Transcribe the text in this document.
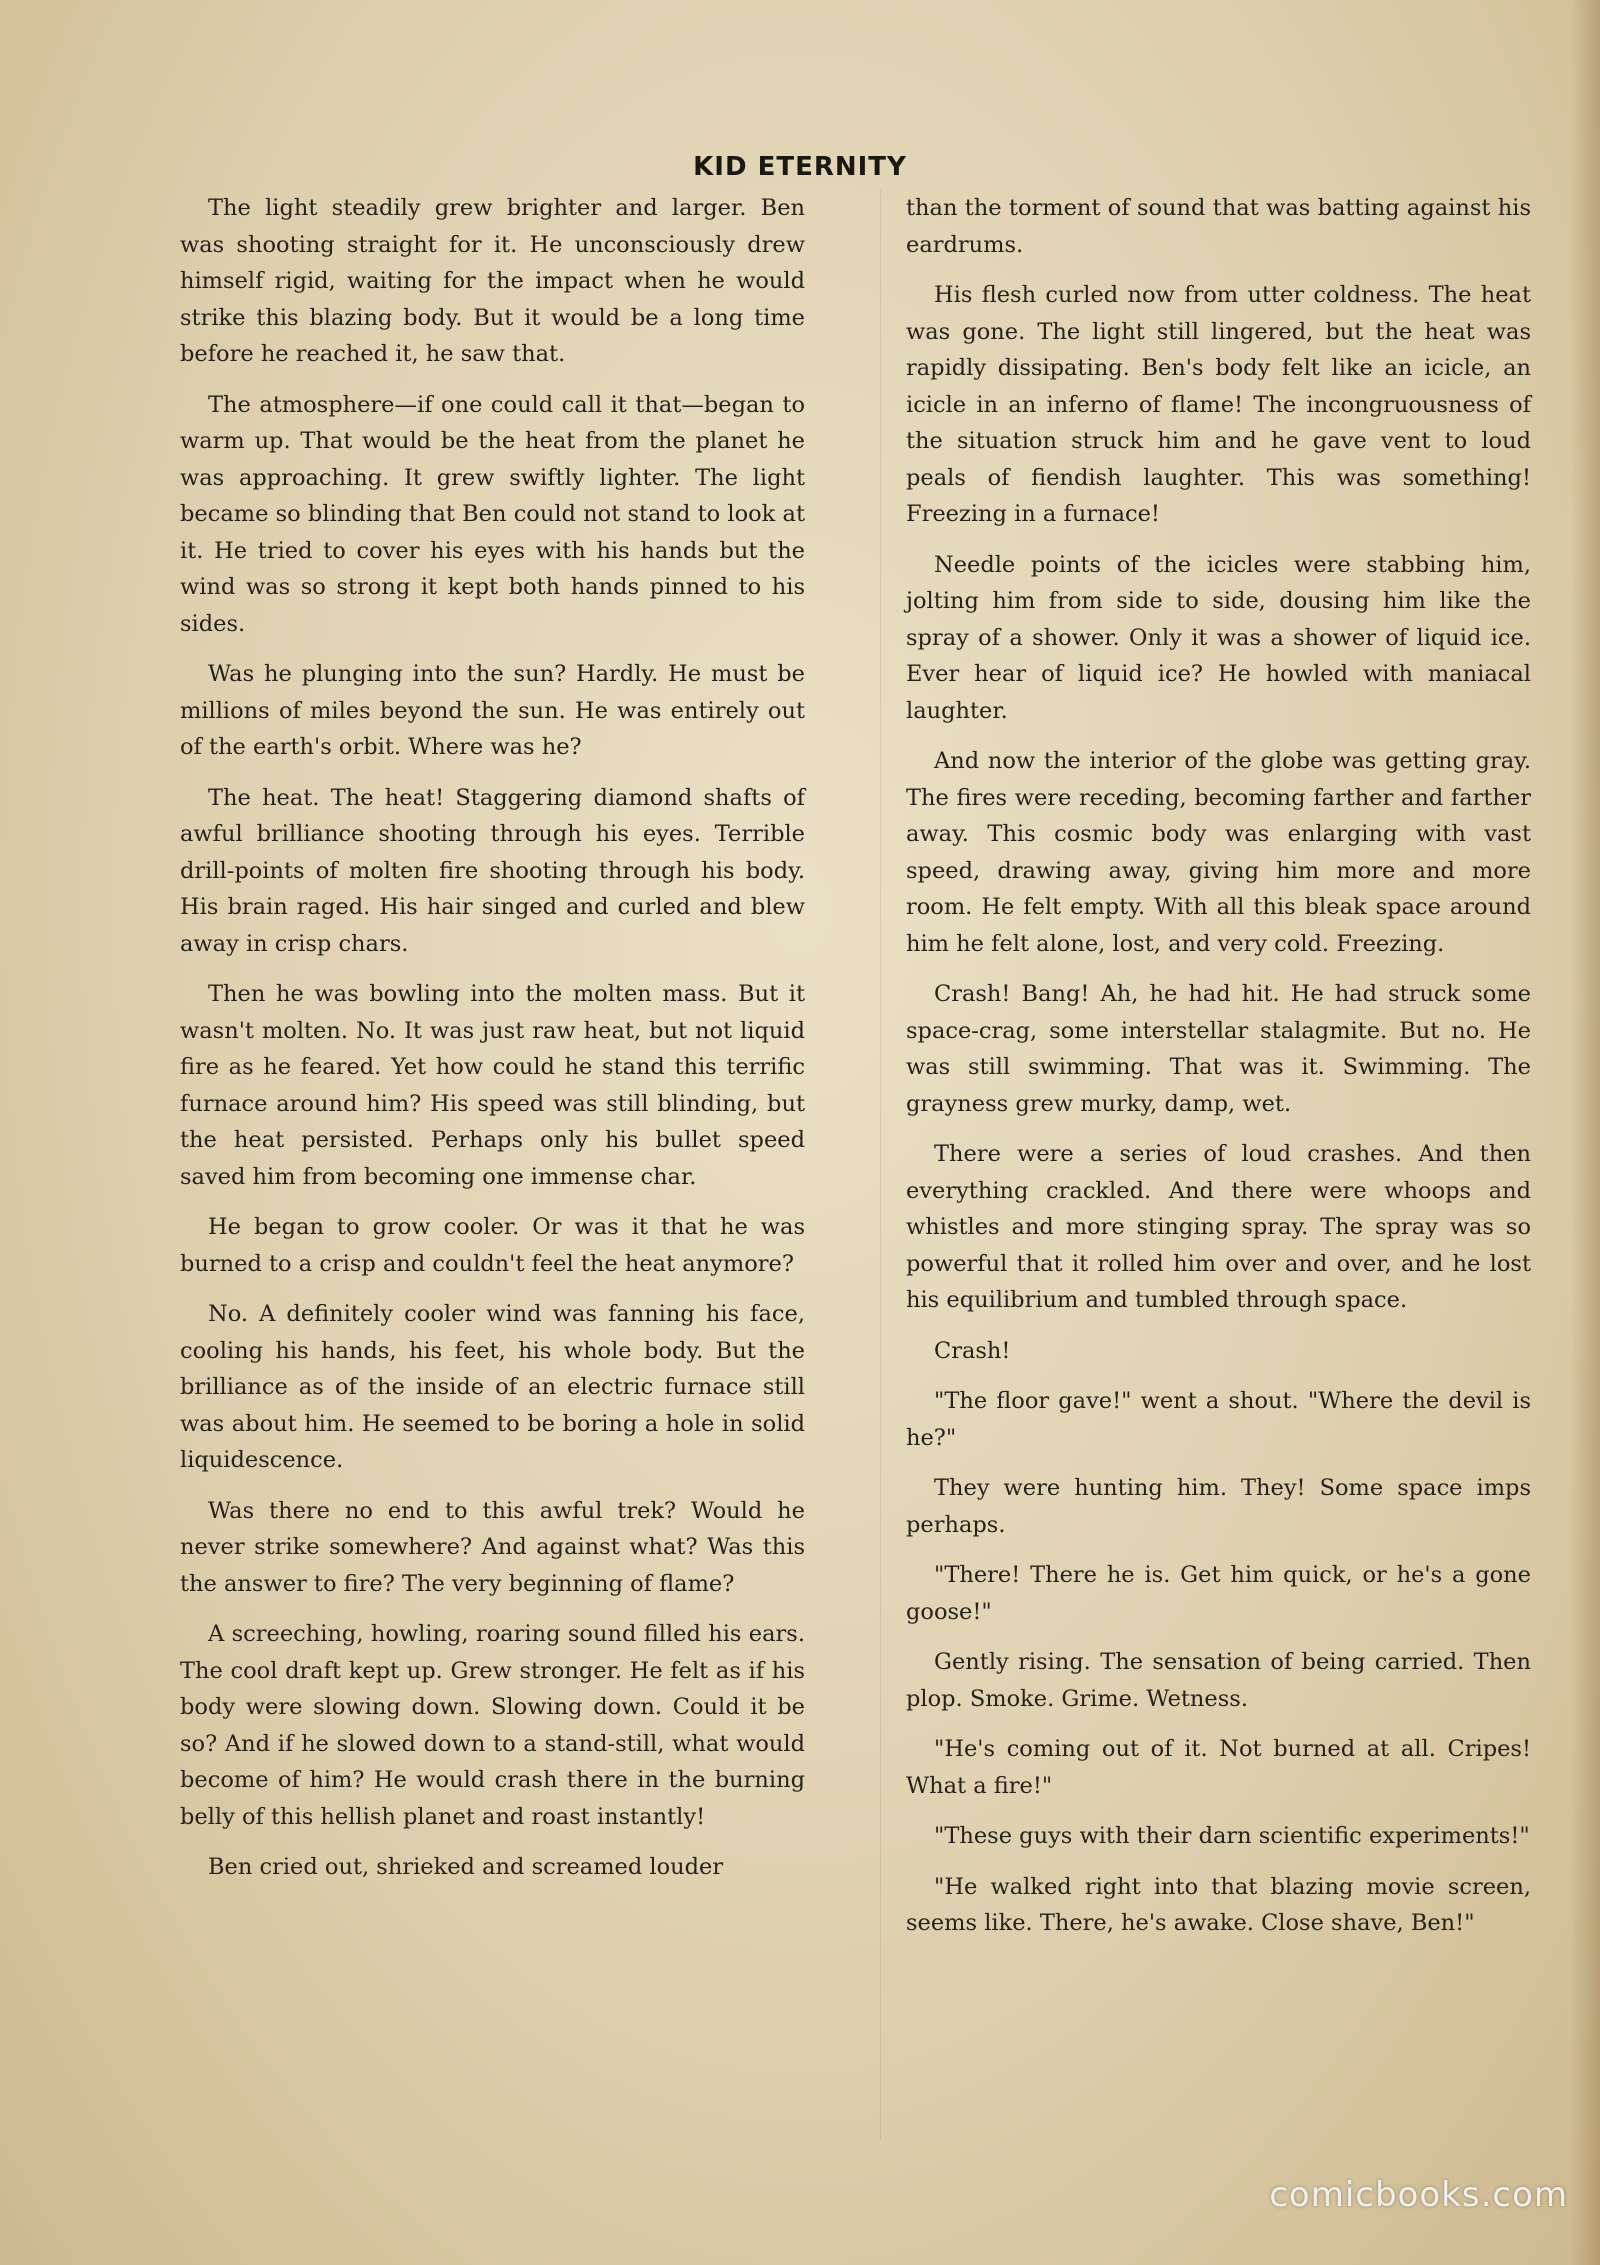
KID ETERNITY

The light steadily grew brighter and larger. Ben was shooting straight for it. He unconsciously drew himself rigid, waiting for the impact when he would strike this blazing body. But it would be a long time before he reached it, he saw that.

The atmosphere—if one could call it that—began to warm up. That would be the heat from the planet he was approaching. It grew swiftly lighter. The light became so blinding that Ben could not stand to look at it. He tried to cover his eyes with his hands but the wind was so strong it kept both hands pinned to his sides.

Was he plunging into the sun? Hardly. He must be millions of miles beyond the sun. He was entirely out of the earth's orbit. Where was he?

The heat. The heat! Staggering diamond shafts of awful brilliance shooting through his eyes. Terrible drill-points of molten fire shooting through his body. His brain raged. His hair singed and curled and blew away in crisp chars.

Then he was bowling into the molten mass. But it wasn't molten. No. It was just raw heat, but not liquid fire as he feared. Yet how could he stand this terrific furnace around him? His speed was still blinding, but the heat persisted. Perhaps only his bullet speed saved him from becoming one immense char.

He began to grow cooler. Or was it that he was burned to a crisp and couldn't feel the heat anymore?

No. A definitely cooler wind was fanning his face, cooling his hands, his feet, his whole body. But the brilliance as of the inside of an electric furnace still was about him. He seemed to be boring a hole in solid liquidescence.

Was there no end to this awful trek? Would he never strike somewhere? And against what? Was this the answer to fire? The very beginning of flame?

A screeching, howling, roaring sound filled his ears. The cool draft kept up. Grew stronger. He felt as if his body were slowing down. Slowing down. Could it be so? And if he slowed down to a stand-still, what would become of him? He would crash there in the burning belly of this hellish planet and roast instantly!

Ben cried out, shrieked and screamed louder

than the torment of sound that was batting against his eardrums.

His flesh curled now from utter coldness. The heat was gone. The light still lingered, but the heat was rapidly dissipating. Ben's body felt like an icicle, an icicle in an inferno of flame! The incongruousness of the situation struck him and he gave vent to loud peals of fiendish laughter. This was something! Freezing in a furnace!

Needle points of the icicles were stabbing him, jolting him from side to side, dousing him like the spray of a shower. Only it was a shower of liquid ice. Ever hear of liquid ice? He howled with maniacal laughter.

And now the interior of the globe was getting gray. The fires were receding, becoming farther and farther away. This cosmic body was enlarging with vast speed, drawing away, giving him more and more room. He felt empty. With all this bleak space around him he felt alone, lost, and very cold. Freezing.

Crash! Bang! Ah, he had hit. He had struck some space-crag, some interstellar stalagmite. But no. He was still swimming. That was it. Swimming. The grayness grew murky, damp, wet.

There were a series of loud crashes. And then everything crackled. And there were whoops and whistles and more stinging spray. The spray was so powerful that it rolled him over and over, and he lost his equilibrium and tumbled through space.

Crash!

"The floor gave!" went a shout. "Where the devil is he?"

They were hunting him. They! Some space imps perhaps.

"There! There he is. Get him quick, or he's a gone goose!"

Gently rising. The sensation of being carried. Then plop. Smoke. Grime. Wetness.

"He's coming out of it. Not burned at all. Cripes! What a fire!"

"These guys with their darn scientific experiments!"

"He walked right into that blazing movie screen, seems like. There, he's awake. Close shave, Ben!"

comicbooks.com
